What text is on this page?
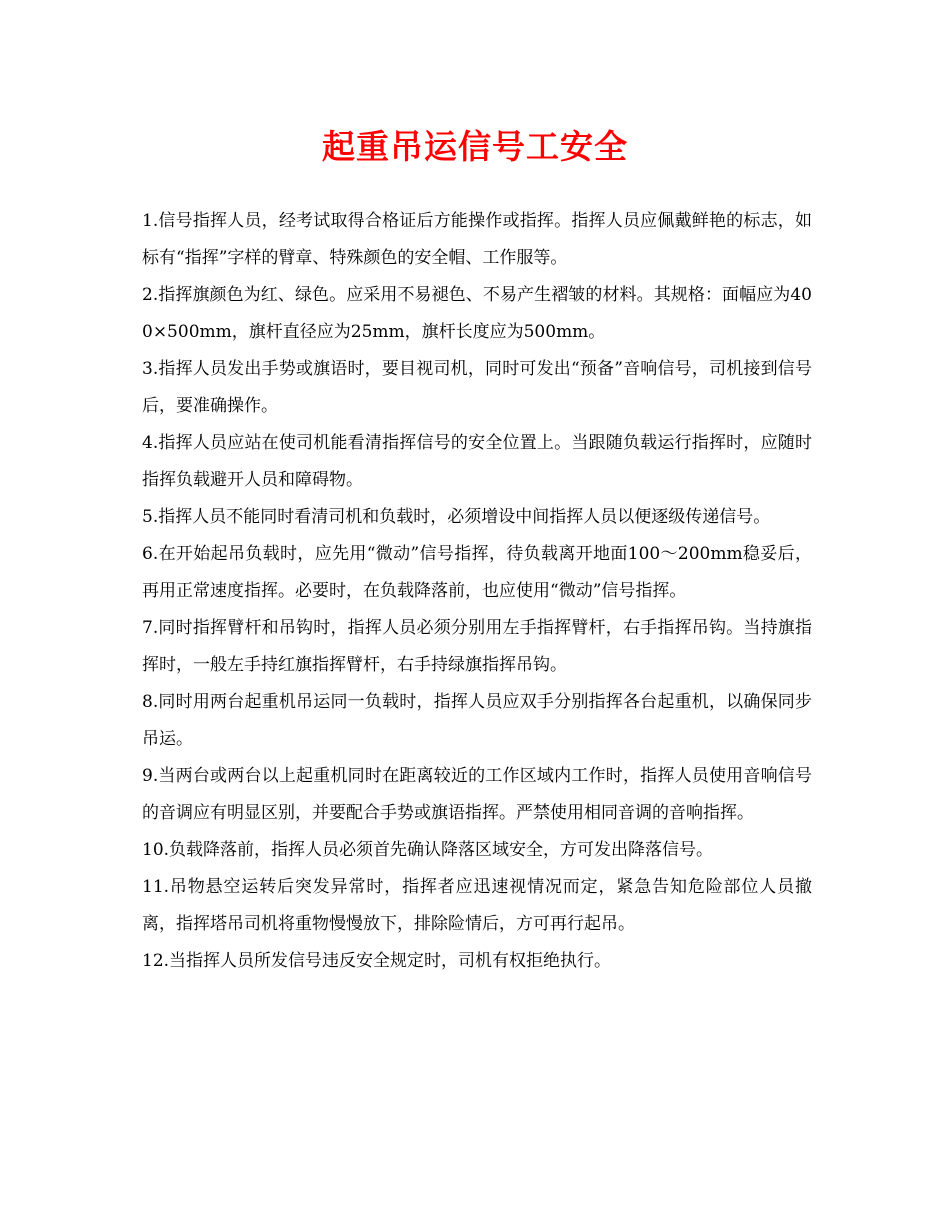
起重吊运信号工安全

1.信号指挥人员，经考试取得合格证后方能操作或指挥。指挥人员应佩戴鲜艳的标志，如标有“指挥”字样的臂章、特殊颜色的安全帽、工作服等。

2.指挥旗颜色为红、绿色。应采用不易褪色、不易产生褶皱的材料。其规格：面幅应为400×500mm，旗杆直径应为25mm，旗杆长度应为500mm。

3.指挥人员发出手势或旗语时，要目视司机，同时可发出“预备”音响信号，司机接到信号后，要准确操作。

4.指挥人员应站在使司机能看清指挥信号的安全位置上。当跟随负载运行指挥时，应随时指挥负载避开人员和障碍物。

5.指挥人员不能同时看清司机和负载时，必须增设中间指挥人员以便逐级传递信号。

6.在开始起吊负载时，应先用“微动”信号指挥，待负载离开地面100～200mm稳妥后，再用正常速度指挥。必要时，在负载降落前，也应使用“微动”信号指挥。

7.同时指挥臂杆和吊钩时，指挥人员必须分别用左手指挥臂杆，右手指挥吊钩。当持旗指挥时，一般左手持红旗指挥臂杆，右手持绿旗指挥吊钩。

8.同时用两台起重机吊运同一负载时，指挥人员应双手分别指挥各台起重机，以确保同步吊运。

9.当两台或两台以上起重机同时在距离较近的工作区域内工作时，指挥人员使用音响信号的音调应有明显区别，并要配合手势或旗语指挥。严禁使用相同音调的音响指挥。

10.负载降落前，指挥人员必须首先确认降落区域安全，方可发出降落信号。

11.吊物悬空运转后突发异常时，指挥者应迅速视情况而定，紧急告知危险部位人员撤离，指挥塔吊司机将重物慢慢放下，排除险情后，方可再行起吊。

12.当指挥人员所发信号违反安全规定时，司机有权拒绝执行。
